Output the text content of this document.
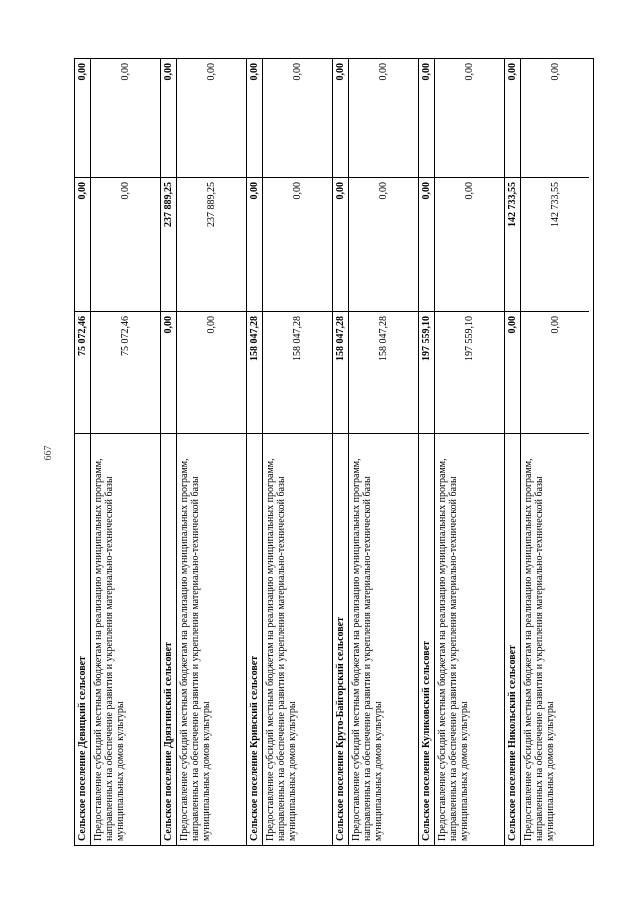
667
Сельское поселение Девицкий сельсовет
75 072,46
0,00
0,00
Предоставление субсидий местным бюджетам на реализацию муниципальных программ, направленных на обеспечение развития и укрепления материально-технической базы муниципальных домов культуры
75 072,46
0,00
0,00
Сельское поселение Дрязгинский сельсовет
0,00
237 889,25
0,00
Предоставление субсидий местным бюджетам на реализацию муниципальных программ, направленных на обеспечение развития и укрепления материально-технической базы муниципальных домов культуры
0,00
237 889,25
0,00
Сельское поселение Кривский сельсовет
158 047,28
0,00
0,00
Предоставление субсидий местным бюджетам на реализацию муниципальных программ, направленных на обеспечение развития и укрепления материально-технической базы муниципальных домов культуры
158 047,28
0,00
0,00
Сельское поселение Круто-Байгорский сельсовет
158 047,28
0,00
0,00
Предоставление субсидий местным бюджетам на реализацию муниципальных программ, направленных на обеспечение развития и укрепления материально-технической базы муниципальных домов культуры
158 047,28
0,00
0,00
Сельское поселение Куликовский сельсовет
197 559,10
0,00
0,00
Предоставление субсидий местным бюджетам на реализацию муниципальных программ, направленных на обеспечение развития и укрепления материально-технической базы муниципальных домов культуры
197 559,10
0,00
0,00
Сельское поселение Никольский сельсовет
0,00
142 733,55
0,00
Предоставление субсидий местным бюджетам на реализацию муниципальных программ, направленных на обеспечение развития и укрепления материально-технической базы муниципальных домов культуры
0,00
142 733,55
0,00
